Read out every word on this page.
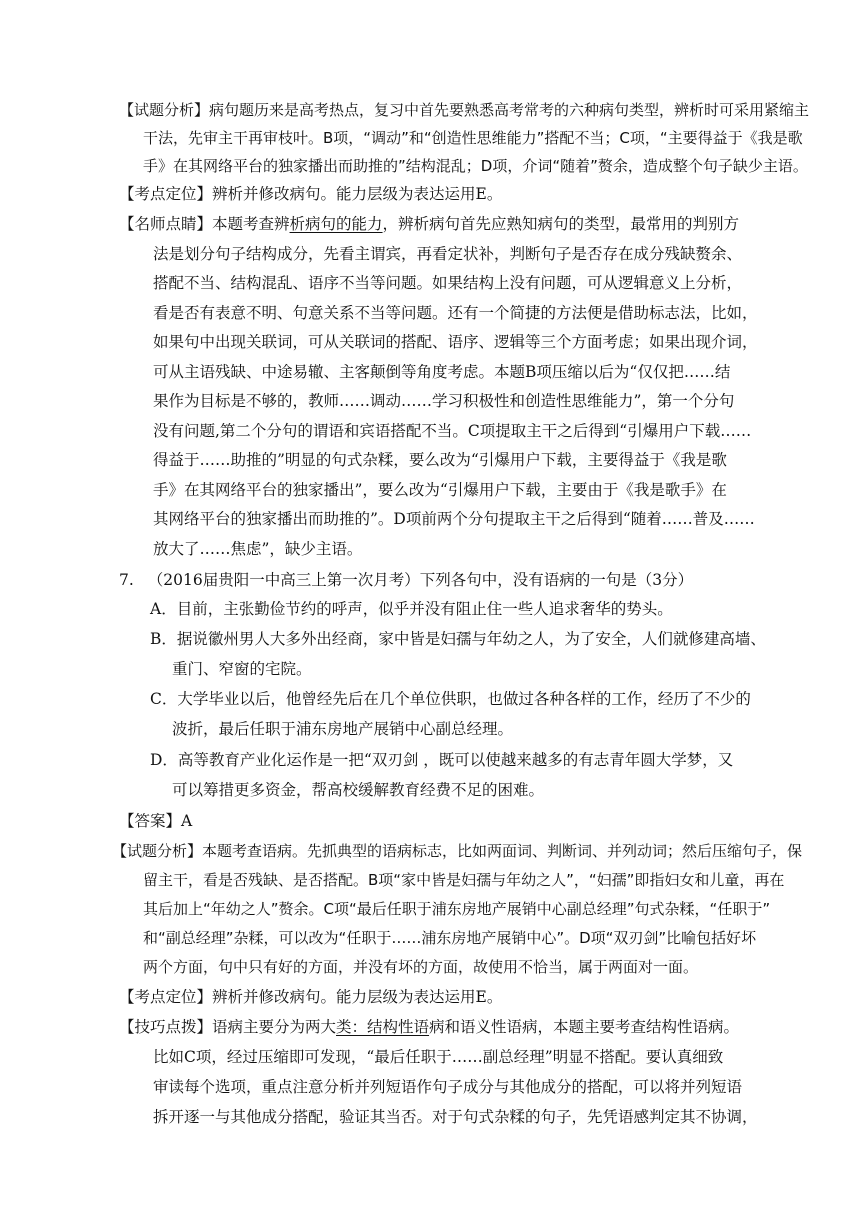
【试题分析】病句题历来是高考热点，复习中首先要熟悉高考常考的六种病句类型，辨析时可采用紧缩主
干法，先审主干再审枝叶。B项，“调动”和“创造性思维能力”搭配不当；C项，“主要得益于《我是歌
手》在其网络平台的独家播出而助推的”结构混乱；D项，介词“随着”赘余，造成整个句子缺少主语。
【考点定位】辨析并修改病句。能力层级为表达运用E。
【名师点睛】本题考查辨析病句的能力，辨析病句首先应熟知病句的类型，最常用的判别方
法是划分句子结构成分，先看主谓宾，再看定状补，判断句子是否存在成分残缺赘余、
搭配不当、结构混乱、语序不当等问题。如果结构上没有问题，可从逻辑意义上分析，
看是否有表意不明、句意关系不当等问题。还有一个简捷的方法便是借助标志法，比如，
如果句中出现关联词，可从关联词的搭配、语序、逻辑等三个方面考虑；如果出现介词，
可从主语残缺、中途易辙、主客颠倒等角度考虑。本题B项压缩以后为“仅仅把……结
果作为目标是不够的，教师……调动……学习积极性和创造性思维能力”，第一个分句
没有问题,第二个分句的谓语和宾语搭配不当。C项提取主干之后得到“引爆用户下载……
得益于……助推的”明显的句式杂糅，要么改为“引爆用户下载，主要得益于《我是歌
手》在其网络平台的独家播出”，要么改为“引爆用户下载，主要由于《我是歌手》在
其网络平台的独家播出而助推的”。D项前两个分句提取主干之后得到“随着……普及……
放大了……焦虑”，缺少主语。
7. （2016届贵阳一中高三上第一次月考）下列各句中，没有语病的一句是（3分）
A．目前，主张勤俭节约的呼声，似乎并没有阻止住一些人追求奢华的势头。
B．据说徽州男人大多外出经商，家中皆是妇孺与年幼之人，为了安全，人们就修建高墙、
重门、窄窗的宅院。
C．大学毕业以后，他曾经先后在几个单位供职，也做过各种各样的工作，经历了不少的
波折，最后任职于浦东房地产展销中心副总经理。
D．高等教育产业化运作是一把“双刃剑 ，既可以使越来越多的有志青年圆大学梦，又
可以筹措更多资金，帮高校缓解教育经费不足的困难。
【答案】A
【试题分析】本题考查语病。先抓典型的语病标志，比如两面词、判断词、并列动词；然后压缩句子，保
留主干，看是否残缺、是否搭配。B项“家中皆是妇孺与年幼之人”，“妇孺”即指妇女和儿童，再在
其后加上“年幼之人”赘余。C项“最后任职于浦东房地产展销中心副总经理”句式杂糅，“任职于”
和“副总经理”杂糅，可以改为“任职于……浦东房地产展销中心”。D项“双刃剑”比喻包括好坏
两个方面，句中只有好的方面，并没有坏的方面，故使用不恰当，属于两面对一面。
【考点定位】辨析并修改病句。能力层级为表达运用E。
【技巧点拨】语病主要分为两大类：结构性语病和语义性语病，本题主要考查结构性语病。
比如C项，经过压缩即可发现，“最后任职于……副总经理”明显不搭配。要认真细致
审读每个选项，重点注意分析并列短语作句子成分与其他成分的搭配，可以将并列短语
拆开逐一与其他成分搭配，验证其当否。对于句式杂糅的句子，先凭语感判定其不协调，
